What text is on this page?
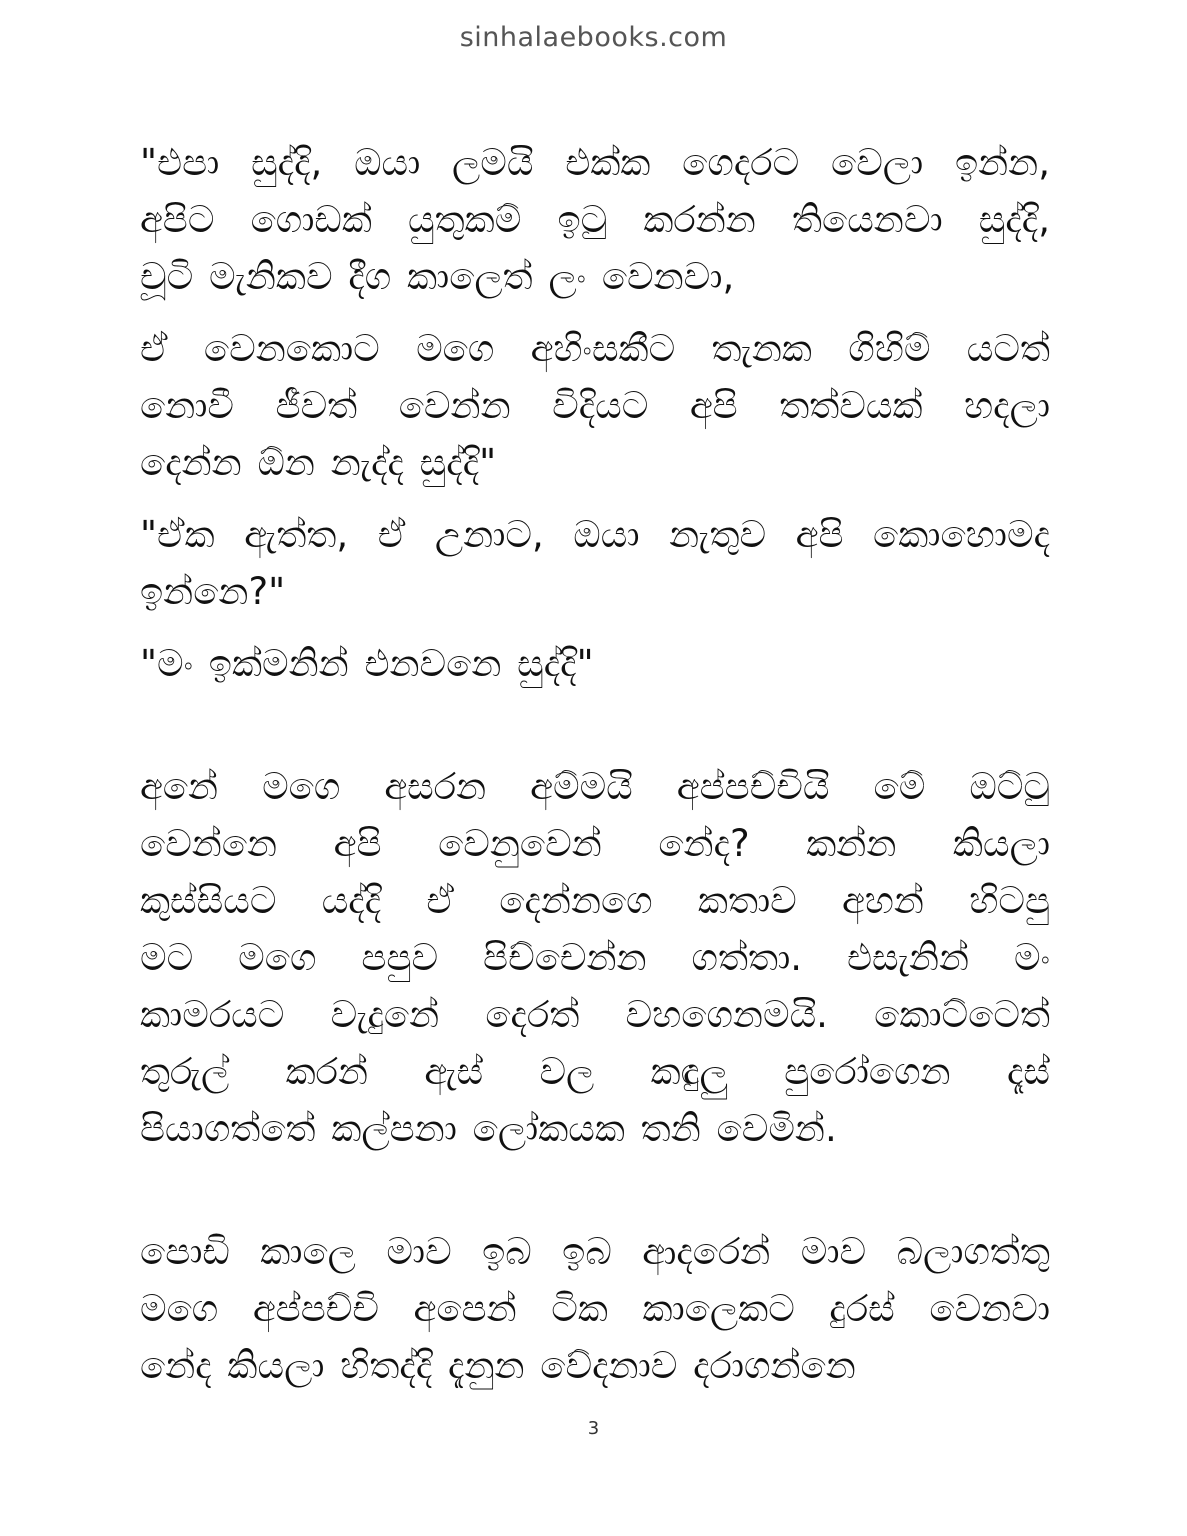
sinhalaebooks.com
"එපා සුද්දි, ඔයා ලමයි එක්ක ගෙදරට වෙලා ඉන්න,
අපිට ගොඩක් යුතුකම් ඉටු කරන්න තියෙනවා සුද්දි,
චූටි මැනිකව දීග කාලෙත් ලං වෙනවා,
ඒ වෙනකොට මගෙ අහිංසකීට තැනක ගිහිම් යටත්
නොවී ජීවත් වෙන්න විදියට අපි තත්වයක් හදලා
දෙන්න ඕන නැද්ද සුද්දි"
"ඒක ඇත්ත, ඒ උනාට, ඔයා නැතුව අපි කොහොමද
ඉන්නෙ?"
"මං ඉක්මනින් එනවනෙ සුද්දි"
අනේ මගෙ අසරන අම්මයි අප්පච්චියි මේ ඔට්ටු
වෙන්නෙ අපි වෙනුවෙන් නේද? කන්න කියලා
කුස්සියට යද්දි ඒ දෙන්නගෙ කතාව අහන් හිටපු
මට මගෙ පපුව පිච්චෙන්න ගත්තා. එසැනින් මං
කාමරයට වැදුනේ දෙරත් වහගෙනමයි. කොට්ටෙත්
තුරුල් කරන් ඇස් වල කඳුලු පුරෝගෙන දෑස්
පියාගත්තේ කල්පනා ලෝකයක තනි වෙමින්.
පොඩි කාලෙ මාව ඉබ ඉබ ආදරෙන් මාව බලාගත්තු
මගෙ අප්පච්චි අපෙන් ටික කාලෙකට දුරස් වෙනවා
නේද කියලා හිතද්දි දැනුන වේදනාව දරාගන්නෙ
3
